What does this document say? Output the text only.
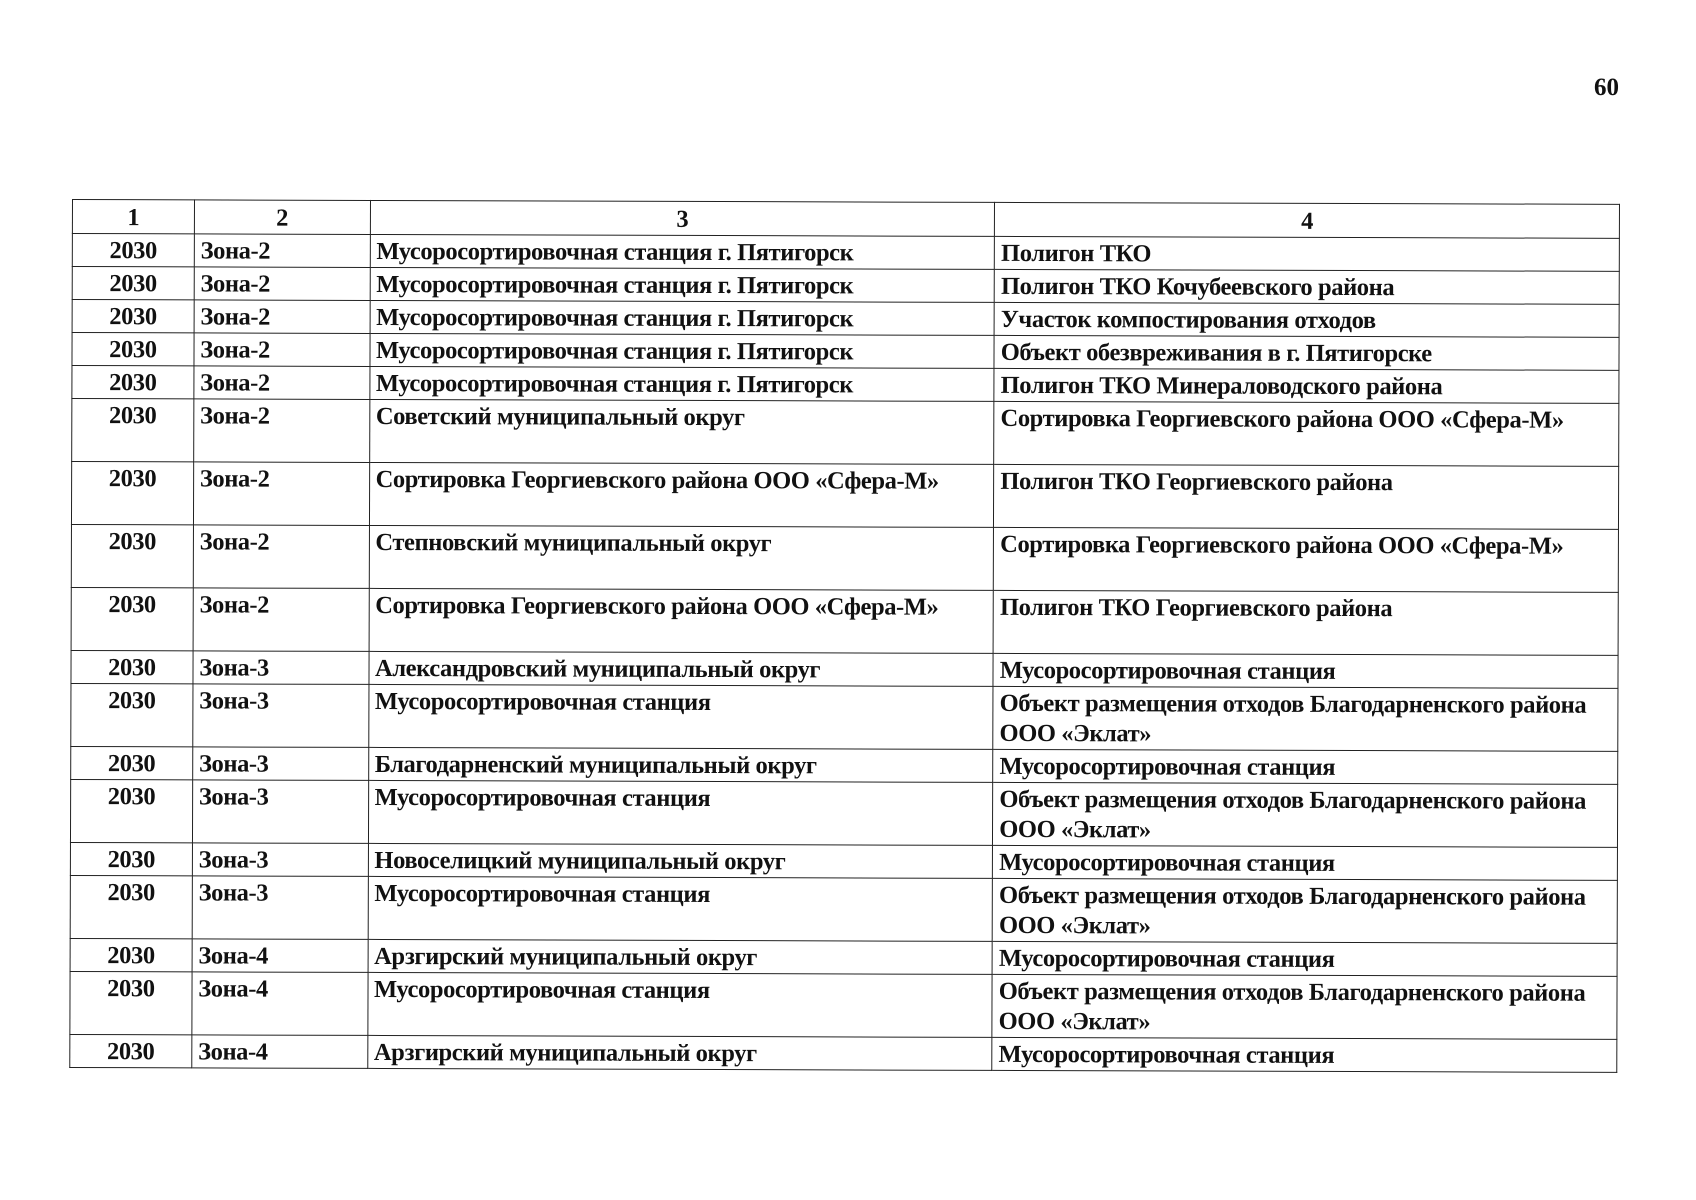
60
1	2	3	4
2030	Зона-2	Мусоросортировочная станция г. Пятигорск	Полигон ТКО
2030	Зона-2	Мусоросортировочная станция г. Пятигорск	Полигон ТКО Кочубеевского района
2030	Зона-2	Мусоросортировочная станция г. Пятигорск	Участок компостирования отходов
2030	Зона-2	Мусоросортировочная станция г. Пятигорск	Объект обезвреживания в г. Пятигорске
2030	Зона-2	Мусоросортировочная станция г. Пятигорск	Полигон ТКО Минераловодского района
2030	Зона-2	Советский муниципальный округ	Сортировка Георгиевского района ООО «Сфера-М»
2030	Зона-2	Сортировка Георгиевского района ООО «Сфера-М»	Полигон ТКО Георгиевского района
2030	Зона-2	Степновский муниципальный округ	Сортировка Георгиевского района ООО «Сфера-М»
2030	Зона-2	Сортировка Георгиевского района ООО «Сфера-М»	Полигон ТКО Георгиевского района
2030	Зона-3	Александровский муниципальный округ	Мусоросортировочная станция
2030	Зона-3	Мусоросортировочная станция	Объект размещения отходов Благодарненского района ООО «Эклат»
2030	Зона-3	Благодарненский муниципальный округ	Мусоросортировочная станция
2030	Зона-3	Мусоросортировочная станция	Объект размещения отходов Благодарненского района ООО «Эклат»
2030	Зона-3	Новоселицкий муниципальный округ	Мусоросортировочная станция
2030	Зона-3	Мусоросортировочная станция	Объект размещения отходов Благодарненского района ООО «Эклат»
2030	Зона-4	Арзгирский муниципальный округ	Мусоросортировочная станция
2030	Зона-4	Мусоросортировочная станция	Объект размещения отходов Благодарненского района ООО «Эклат»
2030	Зона-4	Арзгирский муниципальный округ	Мусоросортировочная станция
